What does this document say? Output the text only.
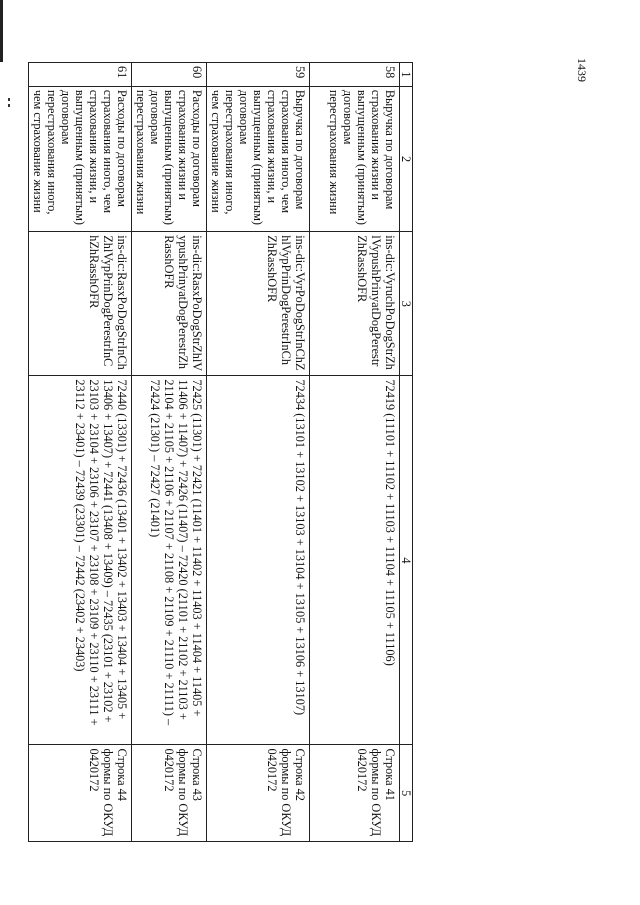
1439
1	2	3	4	5
58	Выручка по договорам страхования жизни и выпущенным (принятым) договорам перестрахования жизни	ins-dic:VyruchPoDogStrZhlVypushPrinyatDogPerestrZhRasshOFR	72419 (11101 + 11102 + 11103 + 11104 + 11105 + 11106)	Строка 41 формы по ОКУД 0420172
59	Выручка по договорам страхования иного, чем страхования жизни, и выпущенным (принятым) договорам перестрахования иного, чем страхование жизни	ins-dic:VyrPoDogStrInChZhlVypPrinDogPerestrInChZhRasshOFR	72434 (13101 + 13102 + 13103 + 13104 + 13105 + 13106 + 13107)	Строка 42 формы по ОКУД 0420172
60	Расходы по договорам страхования жизни и выпущенным (принятым) договорам перестрахования жизни	ins-dic:RasxPoDogStrZhlVypushPrinyatDogPerestrZhRasshOFR	72425 (11301) + 72421 (11401 + 11402 + 11403 + 11404 + 11405 + 11406 + 11407) + 72426 (11407) – 72420 (21101 + 21102 + 21103 + 21104 + 21105 + 21106 + 21107 + 21108 + 21109 + 21110 + 21111) – 72424 (21301) – 72427 (21401)	Строка 43 формы по ОКУД 0420172
61	Расходы по договорам страхования иного, чем страхования жизни, и выпущенным (принятым) договорам перестрахования иного, чем страхование жизни	ins-dic:RasxPoDogStrInChZhlVypPrinDogPerestrInChZhRasshOFR	72440 (13301) + 72436 (13401 + 13402 + 13403 + 13404 + 13405 + 13406 + 13407) + 72441 (13408 + 13409) – 72435 (23101 + 23102 + 23103 + 23104 + 23106 + 23107 + 23108 + 23109 + 23110 + 23111 + 23112 + 23401) – 72439 (23301) – 72442 (23402 + 23403)	Строка 44 формы по ОКУД 0420172
